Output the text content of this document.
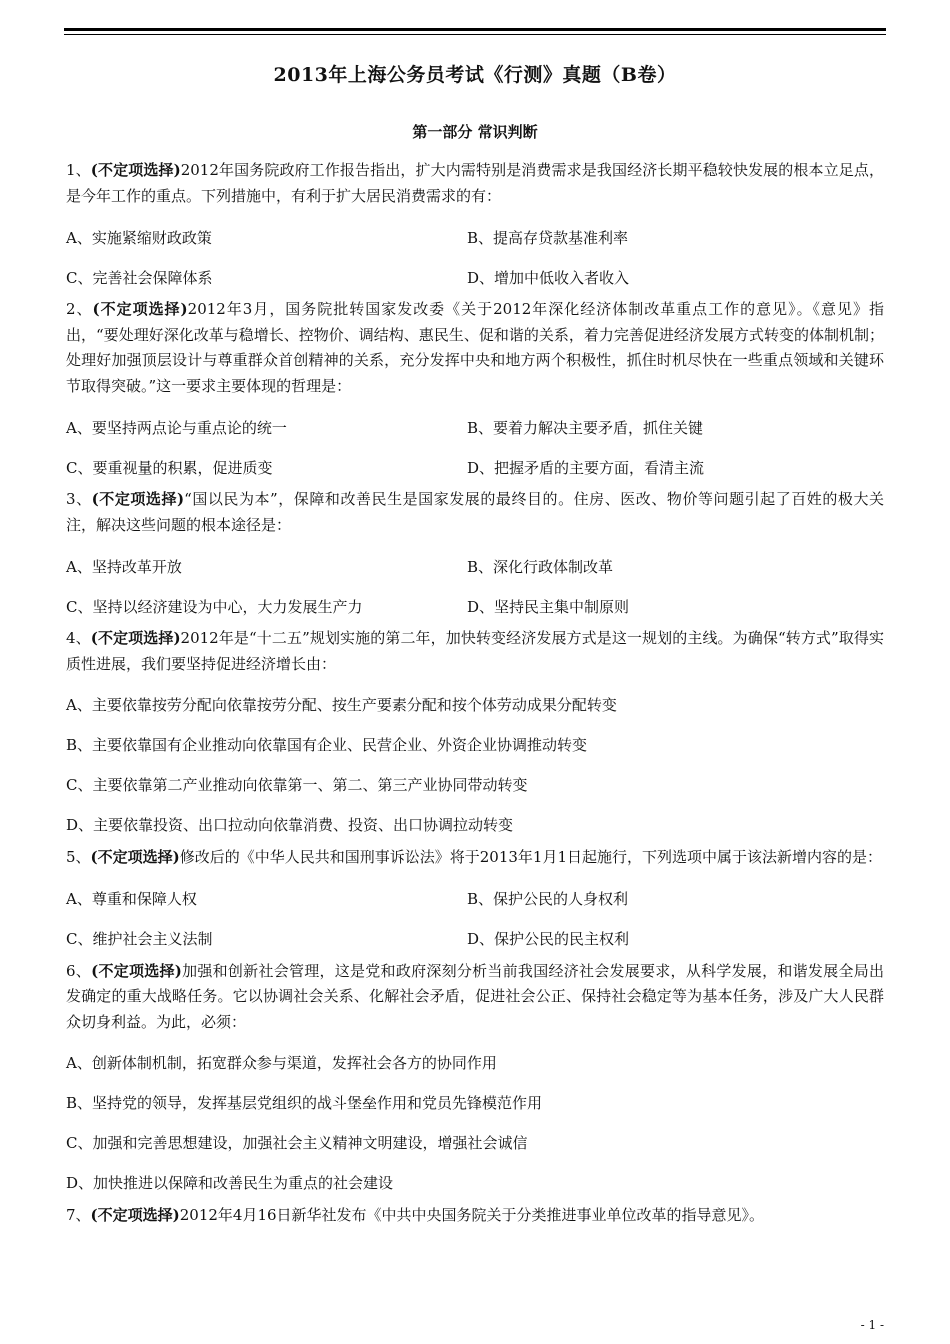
2013年上海公务员考试《行测》真题（B卷）
第一部分 常识判断
1、(不定项选择)2012年国务院政府工作报告指出，扩大内需特别是消费需求是我国经济长期平稳较快发展的根本立足点，是今年工作的重点。下列措施中，有利于扩大居民消费需求的有：
A、实施紧缩财政政策	B、提高存贷款基准利率
C、完善社会保障体系	D、增加中低收入者收入
2、(不定项选择)2012年3月，国务院批转国家发改委《关于2012年深化经济体制改革重点工作的意见》。《意见》指出，“要处理好深化改革与稳增长、控物价、调结构、惠民生、促和谐的关系，着力完善促进经济发展方式转变的体制机制；处理好加强顶层设计与尊重群众首创精神的关系，充分发挥中央和地方两个积极性，抓住时机尽快在一些重点领域和关键环节取得突破。”这一要求主要体现的哲理是：
A、要坚持两点论与重点论的统一	B、要着力解决主要矛盾，抓住关键
C、要重视量的积累，促进质变	D、把握矛盾的主要方面，看清主流
3、(不定项选择)“国以民为本”，保障和改善民生是国家发展的最终目的。住房、医改、物价等问题引起了百姓的极大关注，解决这些问题的根本途径是：
A、坚持改革开放	B、深化行政体制改革
C、坚持以经济建设为中心，大力发展生产力	D、坚持民主集中制原则
4、(不定项选择)2012年是“十二五”规划实施的第二年，加快转变经济发展方式是这一规划的主线。为确保“转方式”取得实质性进展，我们要坚持促进经济增长由：
A、主要依靠按劳分配向依靠按劳分配、按生产要素分配和按个体劳动成果分配转变
B、主要依靠国有企业推动向依靠国有企业、民营企业、外资企业协调推动转变
C、主要依靠第二产业推动向依靠第一、第二、第三产业协同带动转变
D、主要依靠投资、出口拉动向依靠消费、投资、出口协调拉动转变
5、(不定项选择)修改后的《中华人民共和国刑事诉讼法》将于2013年1月1日起施行，下列选项中属于该法新增内容的是：
A、尊重和保障人权	B、保护公民的人身权利
C、维护社会主义法制	D、保护公民的民主权利
6、(不定项选择)加强和创新社会管理，这是党和政府深刻分析当前我国经济社会发展要求，从科学发展，和谐发展全局出发确定的重大战略任务。它以协调社会关系、化解社会矛盾，促进社会公正、保持社会稳定等为基本任务，涉及广大人民群众切身利益。为此，必须：
A、创新体制机制，拓宽群众参与渠道，发挥社会各方的协同作用
B、坚持党的领导，发挥基层党组织的战斗堡垒作用和党员先锋模范作用
C、加强和完善思想建设，加强社会主义精神文明建设，增强社会诚信
D、加快推进以保障和改善民生为重点的社会建设
7、(不定项选择)2012年4月16日新华社发布《中共中央国务院关于分类推进事业单位改革的指导意见》。
- 1 -
